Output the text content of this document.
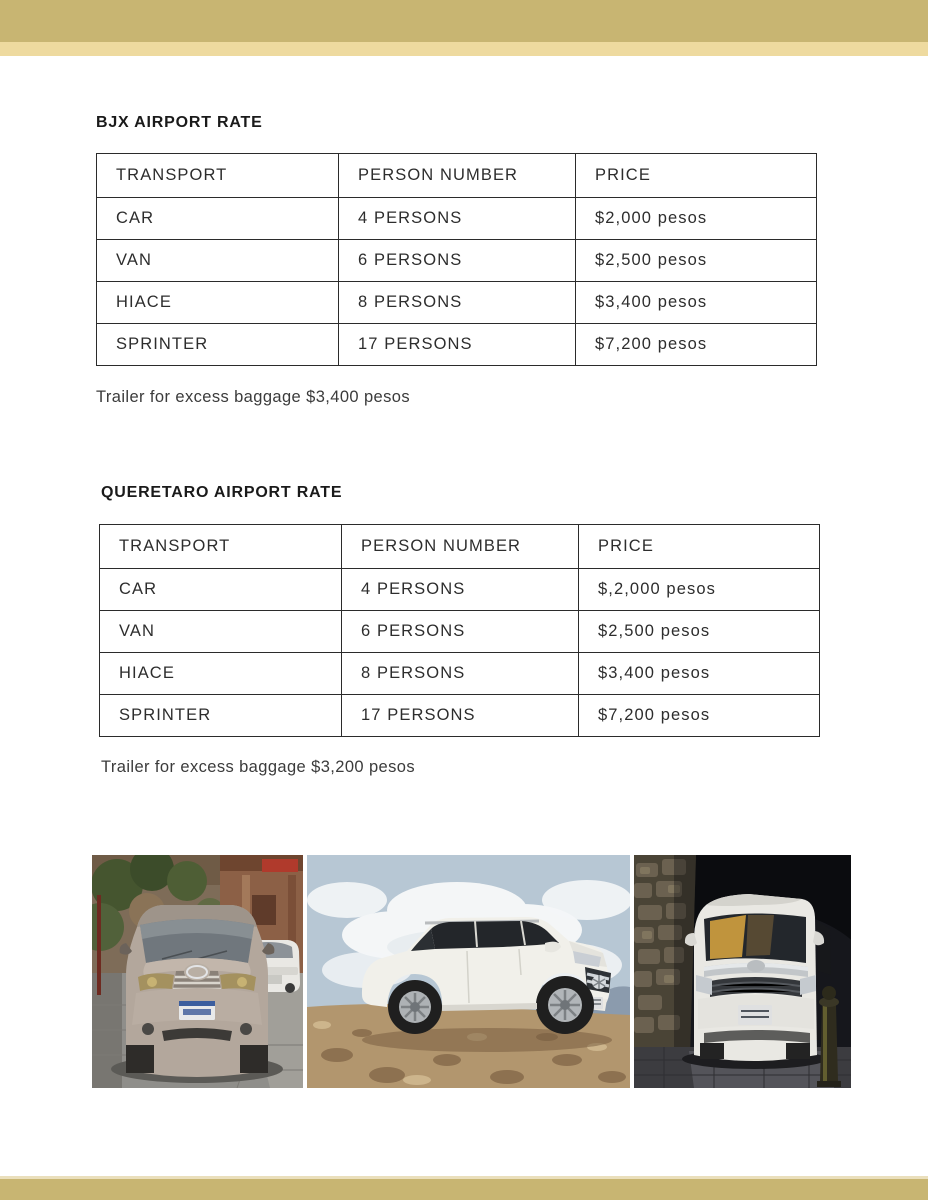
BJX AIRPORT RATE
TRANSPORT	PERSON NUMBER	PRICE
CAR	4 PERSONS	$2,000 pesos
VAN	6 PERSONS	$2,500 pesos
HIACE	8 PERSONS	$3,400 pesos
SPRINTER	17 PERSONS	$7,200 pesos
Trailer for excess baggage $3,400 pesos
QUERETARO AIRPORT RATE
TRANSPORT	PERSON NUMBER	PRICE
CAR	4 PERSONS	$,2,000 pesos
VAN	6 PERSONS	$2,500 pesos
HIACE	8 PERSONS	$3,400 pesos
SPRINTER	17 PERSONS	$7,200 pesos
Trailer for excess baggage $3,200 pesos
